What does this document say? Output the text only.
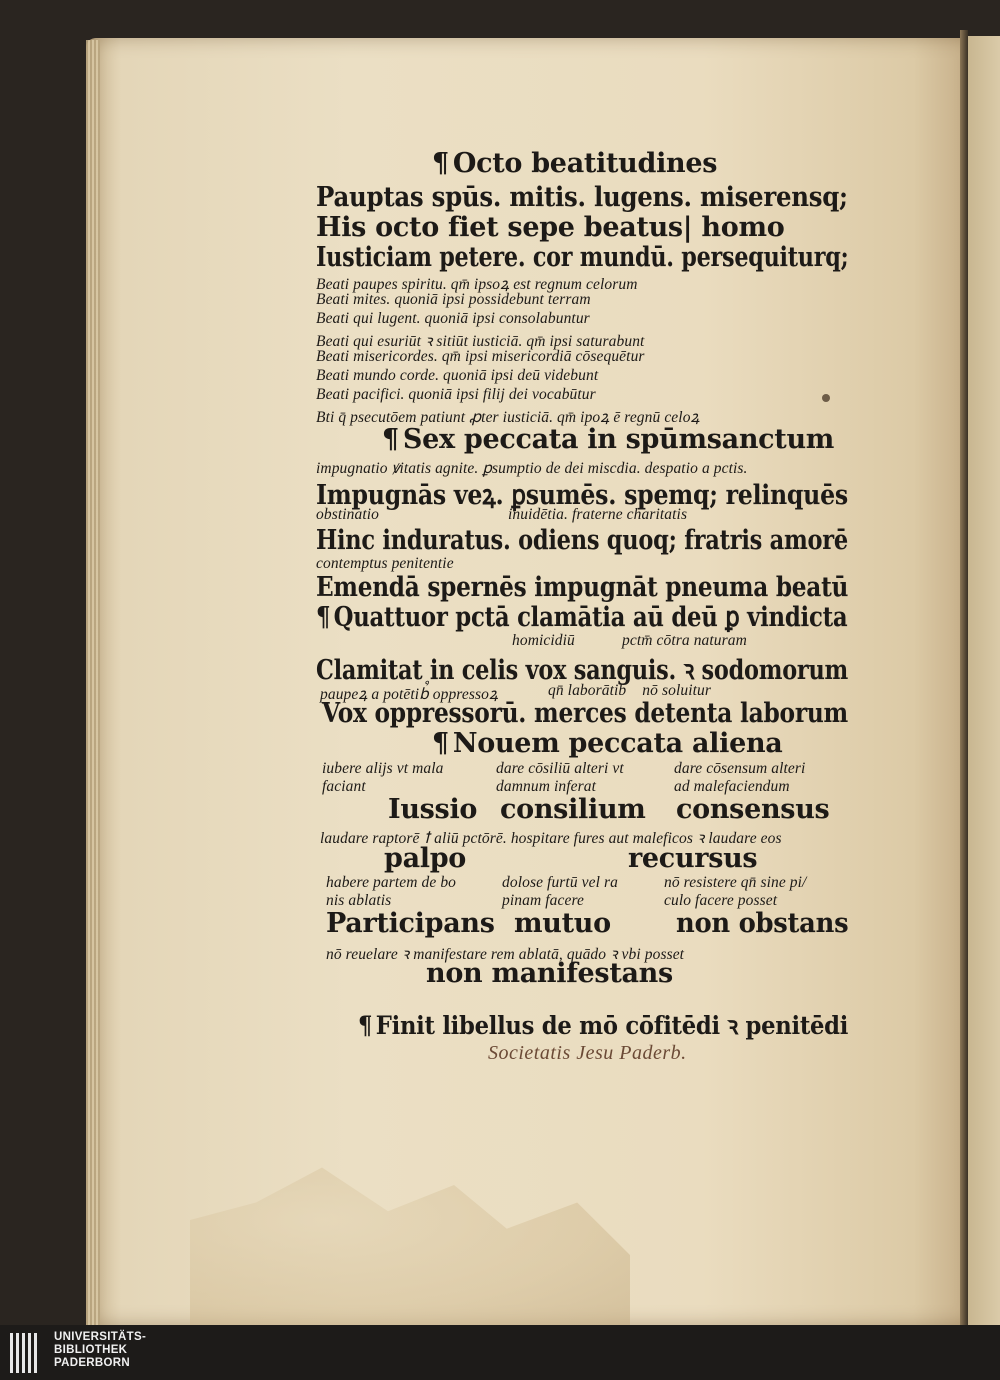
¶ Octo beatitudines
Pauptas spūs. mitis. lugens. miserensq;
His octo fiet sepe beatus| homo
Iusticiam petere. cor mundū. persequiturq;
Beati paupes spiritu. qm̄ ipsoꝝ est regnum celorum
Beati mites. quoniā ipsi possidebunt terram
Beati qui lugent. quoniā ipsi consolabuntur
Beati qui esuriūt ꝛ sitiūt iusticiā. qm̄ ipsi saturabunt
Beati misericordes. qm̄ ipsi misericordiā cōsequētur
Beati mundo corde. quoniā ipsi deū videbunt
Beati pacifici. quoniā ipsi filij dei vocabūtur
Bti q̄ psecutōem patiunt ꝓter iusticiā. qm̄ ipoꝝ ē regnū celoꝝ
¶ Sex peccata in spūmsanctum
impugnatio ꝟitatis agnite. ꝑsumptio de dei miscdia. despatio a pctis.
Impugnās veꝝ. ꝑsumēs. spemq; relinquēs
obstinatio	inuidētia. fraterne charitatis
Hinc induratus. odiens quoq; fratris amorē
contemptus penitentie
Emendā spernēs impugnāt pneuma beatū
¶ Quattuor pctā clamātia aū deū ꝑ vindicta
homicidiū	pctm̄ cōtra naturam
Clamitat in celis vox sanguis. ꝛ sodomorum
paupeꝝ a potētib᷒ oppressoꝝ	qn̄ laborātib᷒ nō soluitur
Vox oppressorū. merces detenta laborum
¶ Nouem peccata aliena
iubere alijs vt mala	dare cōsiliū alteri vt	dare cōsensum alteri
faciant	damnum inferat	ad malefaciendum
Iussio consilium consensus
laudare raptorē ꝉ aliū pctōrē. hospitare fures aut maleficos ꝛ laudare eos
palpo	recursus
habere partem de bo	dolose furtū vel ra	nō resistere qn̄ sine pi/
nis ablatis	pinam facere	culo facere posset
Participans mutuo non obstans
nō reuelare ꝛ manifestare rem ablatā, quādo ꝛ vbi posset
non manifestans
¶ Finit libellus de mō cōfitēdi ꝛ penitēdi
Societatis Jesu Paderb.
UNIVERSITÄTS-
BIBLIOTHEK
PADERBORN
